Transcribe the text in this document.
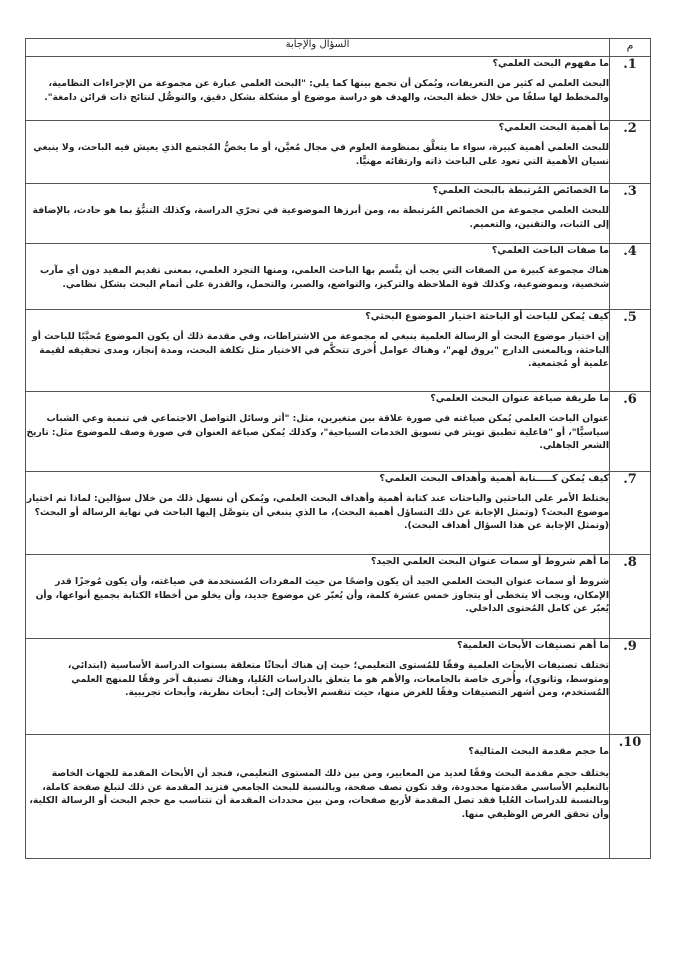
م	السؤال والإجابة
1.	ما مفهوم البحث العلمي؟

البحث العلمي له كثير من التعريفات، ويُمكن أن نجمع بينها كما يلي: "البحث العلمي عبارة عن مجموعة من الإجراءات النظامية، والمخطط لها سلفًا من خلال خطة البحث، والهدف هو دراسة موضوع أو مشكلة بشكل دقيق، والتوصُّل لنتائج ذات قرائن دامغة".

2.	ما أهمية البحث العلمي؟

للبحث العلمي أهمية كبيرة، سواء ما يتعلَّق بمنظومة العلوم في مجال مُعيَّن، أو ما يخصُّ المُجتمع الذي يعيش فيه الباحث، ولا ينبغي نسيان الأهمية التي تعود على الباحث ذاته وارتقائه مهنيًّا.

3.	ما الخصائص المُرتبطة بالبحث العلمي؟

للبحث العلمي مجموعة من الخصائص المُرتبطة به، ومن أبرزها الموضوعية في تحرّي الدراسة، وكذلك التنبُّؤ بما هو حادث، بالإضافة إلى الثبات، والتقنين، والتعميم.

4.	ما صفات الباحث العلمي؟

هناك مجموعة كبيرة من الصفات التي يجب أن يتَّسم بها الباحث العلمي، ومنها التجرد العلمي، بمعنى تقديم المفيد دون أي مآرب شخصية، وبموضوعية، وكذلك قوة الملاحظة والتركيز، والتواضع، والصبر، والتحمل، والقدرة على أتمام البحث بشكل نظامي.

5.	كيف يُمكن للباحث أو الباحثة اختيار الموضوع البحثي؟

إن اختيار موضوع البحث أو الرسالة العلمية ينبغي له مجموعة من الاشتراطات، وفي مقدمة ذلك أن يكون الموضوع مُحبَّبًا للباحث أو الباحثة، وبالمعنى الدارج "يروق لهم"، وهناك عوامل أُخرى تتحكَّم في الاختيار مثل تكلفة البحث، ومدة إنجاز، ومدى تحقيقه لقيمة علمية أو مُجتمعية.

6.	ما طريقة صياغة عنوان البحث العلمي؟

عنوان الباحث العلمي يُمكن صياغته في صورة علاقة بين متغيرين، مثل: "أثر وسائل التواصل الاجتماعي في تنمية وعي الشباب سياسيًّا"، أو "فاعلية تطبيق تويتر في تسويق الخدمات السياحية"، وكذلك يُمكن صياغة العنوان في صورة وصف للموضوع مثل: تاريخ الشعر الجاهلي.

7.	كيف يُمكن كـــــتابة أهمية وأهداف البحث العلمي؟

يختلط الأمر على الباحثين والباحثات عند كتابة أهمية وأهداف البحث العلمي، ويُمكن أن نسهل ذلك من خلال سؤالين: لماذا تم اختيار موضوع البحث؟ (وتمثل الإجابة عن ذلك التساؤل أهمية البحث)، ما الذي ينبغي أن يتوصَّل إليها الباحث في نهاية الرسالة أو البحث؟ (وتمثل الإجابة عن هذا السؤال أهداف البحث).

8.	ما أهم شروط أو سمات عنوان البحث العلمي الجيد؟

شروط أو سمات عنوان البحث العلمي الجيد أن يكون واضحًا من حيث المفردات المُستخدمة في صياغته، وأن يكون مُوجزًا قدر الإمكان، ويجب ألا يتخطى أو يتجاوز خمس عشرة كلمة، وأن يُعبّر عن موضوع جديد، وأن يخلو من أخطاء الكتابة بجميع أنواعها، وأن يُعبّر عن كامل المُحتوى الداخلي.

9.	ما أهم تصنيفات الأبحاث العلمية؟

تختلف تصنيفات الأبحاث العلمية وفقًا للمُستوى التعليمي؛ حيث إن هناك أبحاثًا متعلقة بسنوات الدراسة الأساسية (ابتدائي، ومتوسط، وثانوي)، وأُخرى خاصة بالجامعات، والأهم هو ما يتعلق بالدراسات العُليا، وهناك تصنيف آخر وفقًا للمنهج العلمي المُستخدم، ومن أشهر التصنيفات وفقًا للغرض منها، حيث تنقسم الأبحاث إلى: أبحاث نظرية، وأبحاث تجريبية.

10.	ما حجم مقدمة البحث المثالية؟

يختلف حجم مقدمة البحث وفقًا لعديد من المعايير، ومن بين ذلك المستوى التعليمي، فنجد أن الأبحاث المقدمة للجهات الخاصة بالتعليم الأساسي مقدمتها محدودة، وقد تكون نصف صفحة، وبالنسبة للبحث الجامعي فتزيد المقدمة عن ذلك لتبلغ صفحة كاملة، وبالنسبة للدراسات العُليا فقد تصل المقدمة لأربع صفحات، ومن بين محددات المقدمة أن تتناسب مع حجم البحث أو الرسالة الكلية، وأن تحقق الغرض الوظيفي منها.
